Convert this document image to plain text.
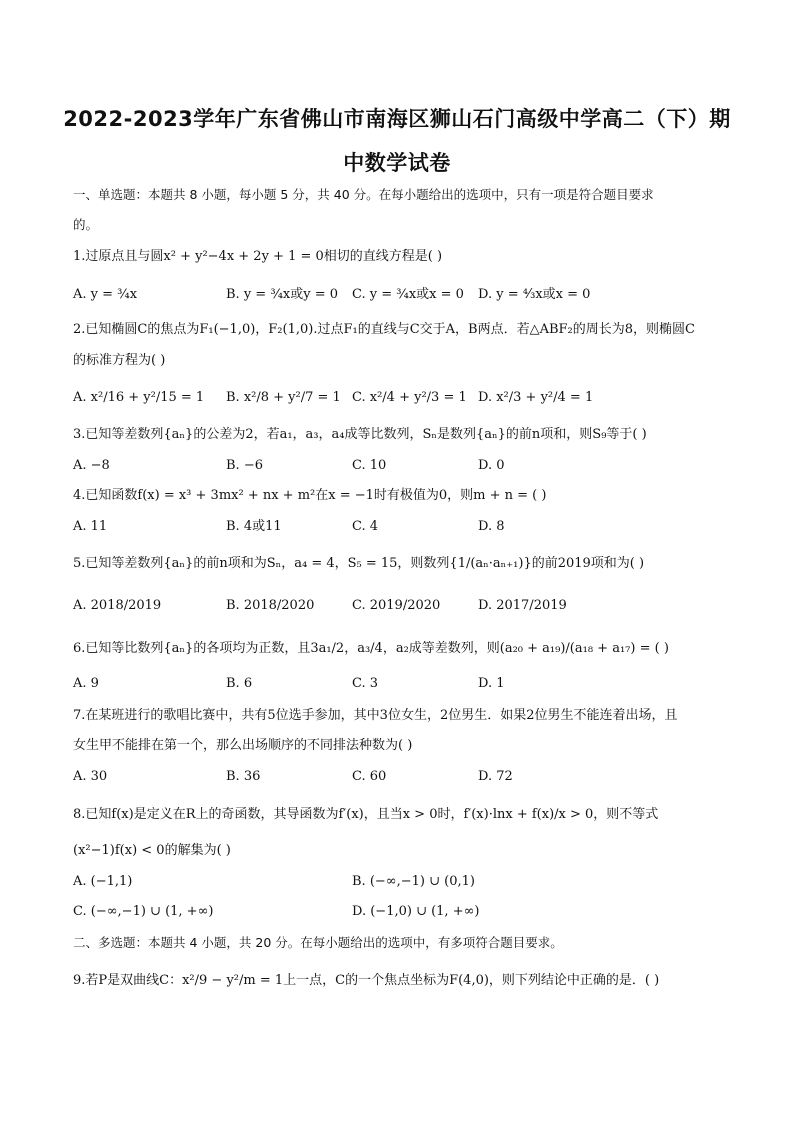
2022-2023学年广东省佛山市南海区狮山石门高级中学高二（下）期
中数学试卷
一、单选题：本题共 8 小题，每小题 5 分，共 40 分。在每小题给出的选项中，只有一项是符合题目要求
的。
1.过原点且与圆x² + y²−4x + 2y + 1 = 0相切的直线方程是( )
A. y = ¾x	B. y = ¾x或y = 0 C. y = ¾x或x = 0 D. y = ⁴⁄₃x或x = 0
2.已知椭圆C的焦点为F₁(−1,0)，F₂(1,0).过点F₁的直线与C交于A，B两点．若△ABF₂的周长为8，则椭圆C
的标准方程为( )
A. x²/16 + y²/15 = 1 B. x²/8 + y²/7 = 1 C. x²/4 + y²/3 = 1 D. x²/3 + y²/4 = 1
3.已知等差数列{aₙ}的公差为2，若a₁，a₃，a₄成等比数列，Sₙ是数列{aₙ}的前n项和，则S₉等于( )
A. −8	B. −6	C. 10	D. 0
4.已知函数f(x) = x³ + 3mx² + nx + m²在x = −1时有极值为0，则m + n = ( )
A. 11	B. 4或11	C. 4	D. 8
5.已知等差数列{aₙ}的前n项和为Sₙ，a₄ = 4，S₅ = 15，则数列{1/(aₙ·aₙ₊₁)}的前2019项和为( )
A. 2018/2019	B. 2018/2020	C. 2019/2020	D. 2017/2019
6.已知等比数列{aₙ}的各项均为正数，且3a₁/2，a₃/4，a₂成等差数列，则(a₂₀ + a₁₉)/(a₁₈ + a₁₇) = ( )
A. 9	B. 6	C. 3	D. 1
7.在某班进行的歌唱比赛中，共有5位选手参加，其中3位女生，2位男生．如果2位男生不能连着出场，且
女生甲不能排在第一个，那么出场顺序的不同排法种数为( )
A. 30	B. 36	C. 60	D. 72
8.已知f(x)是定义在R上的奇函数，其导函数为f′(x)，且当x > 0时，f′(x)·lnx + f(x)/x > 0，则不等式
(x²−1)f(x) < 0的解集为( )
A. (−1,1)	B. (−∞,−1) ∪ (0,1)
C. (−∞,−1) ∪ (1, +∞)	D. (−1,0) ∪ (1, +∞)
二、多选题：本题共 4 小题，共 20 分。在每小题给出的选项中，有多项符合题目要求。
9.若P是双曲线C：x²/9 − y²/m = 1上一点，C的一个焦点坐标为F(4,0)，则下列结论中正确的是．( )
